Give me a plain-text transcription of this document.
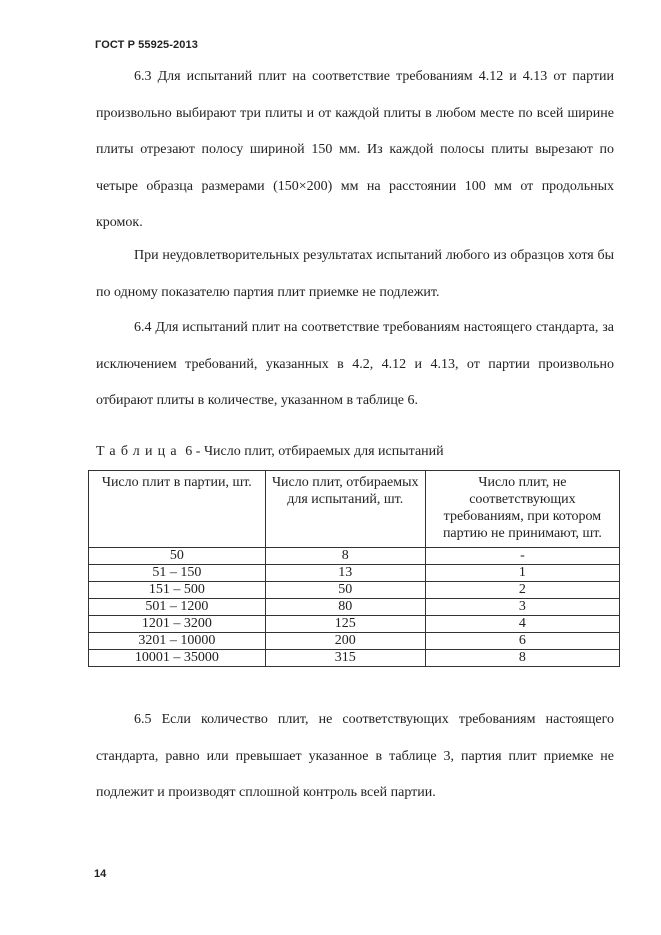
ГОСТ Р 55925-2013

6.3 Для испытаний плит на соответствие требованиям 4.12 и 4.13 от партии произвольно выбирают три плиты и от каждой плиты в любом месте по всей ширине плиты отрезают полосу шириной 150 мм. Из каждой полосы плиты вырезают по четыре образца размерами (150×200) мм на расстоянии 100 мм от продольных кромок.

При неудовлетворительных результатах испытаний любого из образцов хотя бы по одному показателю партия плит приемке не подлежит.

6.4 Для испытаний плит на соответствие требованиям настоящего стандарта, за исключением требований, указанных в 4.2, 4.12 и 4.13, от партии произвольно отбирают плиты в количестве, указанном в таблице 6.

Таблица 6 - Число плит, отбираемых для испытаний
Число плит в партии, шт.	Число плит, отбираемых для испытаний, шт.	Число плит, не соответствующих требованиям, при котором партию не принимают, шт.
50	8	-
51 – 150	13	1
151 – 500	50	2
501 – 1200	80	3
1201 – 3200	125	4
3201 – 10000	200	6
10001 – 35000	315	8

6.5 Если количество плит, не соответствующих требованиям настоящего стандарта, равно или превышает указанное в таблице 3, партия плит приемке не подлежит и производят сплошной контроль всей партии.

14
